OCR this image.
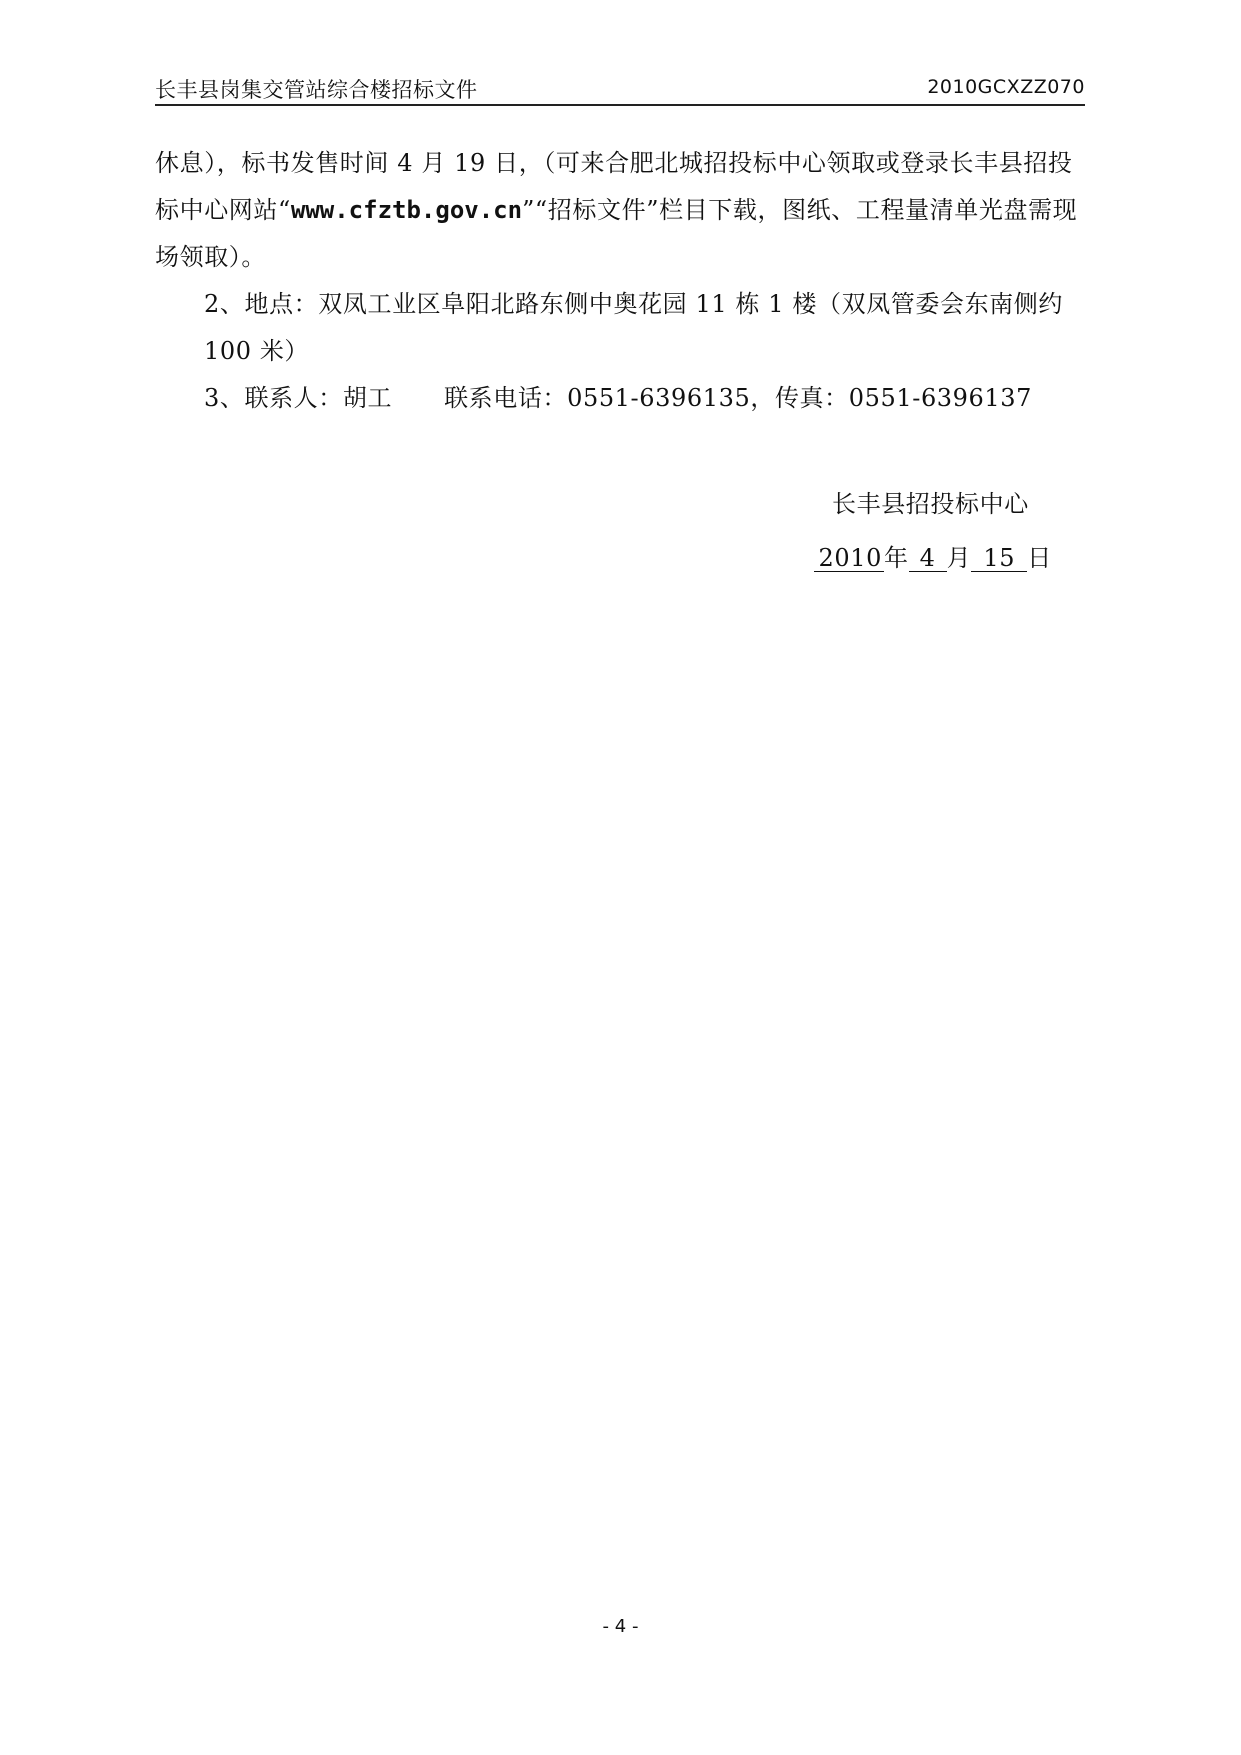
长丰县岗集交管站综合楼招标文件	2010GCXZZ070

休息），标书发售时间 4 月 19 日，（可来合肥北城招投标中心领取或登录长丰县招投标中心网站“www.cfztb.gov.cn”“招标文件”栏目下载，图纸、工程量清单光盘需现场领取）。

2、地点：双凤工业区阜阳北路东侧中奥花园 11 栋 1 楼（双凤管委会东南侧约 100 米）

3、联系人：胡工 联系电话：0551-6396135，传真：0551-6396137

长丰县招投标中心
2010年 4 月 15 日
- 4 -
